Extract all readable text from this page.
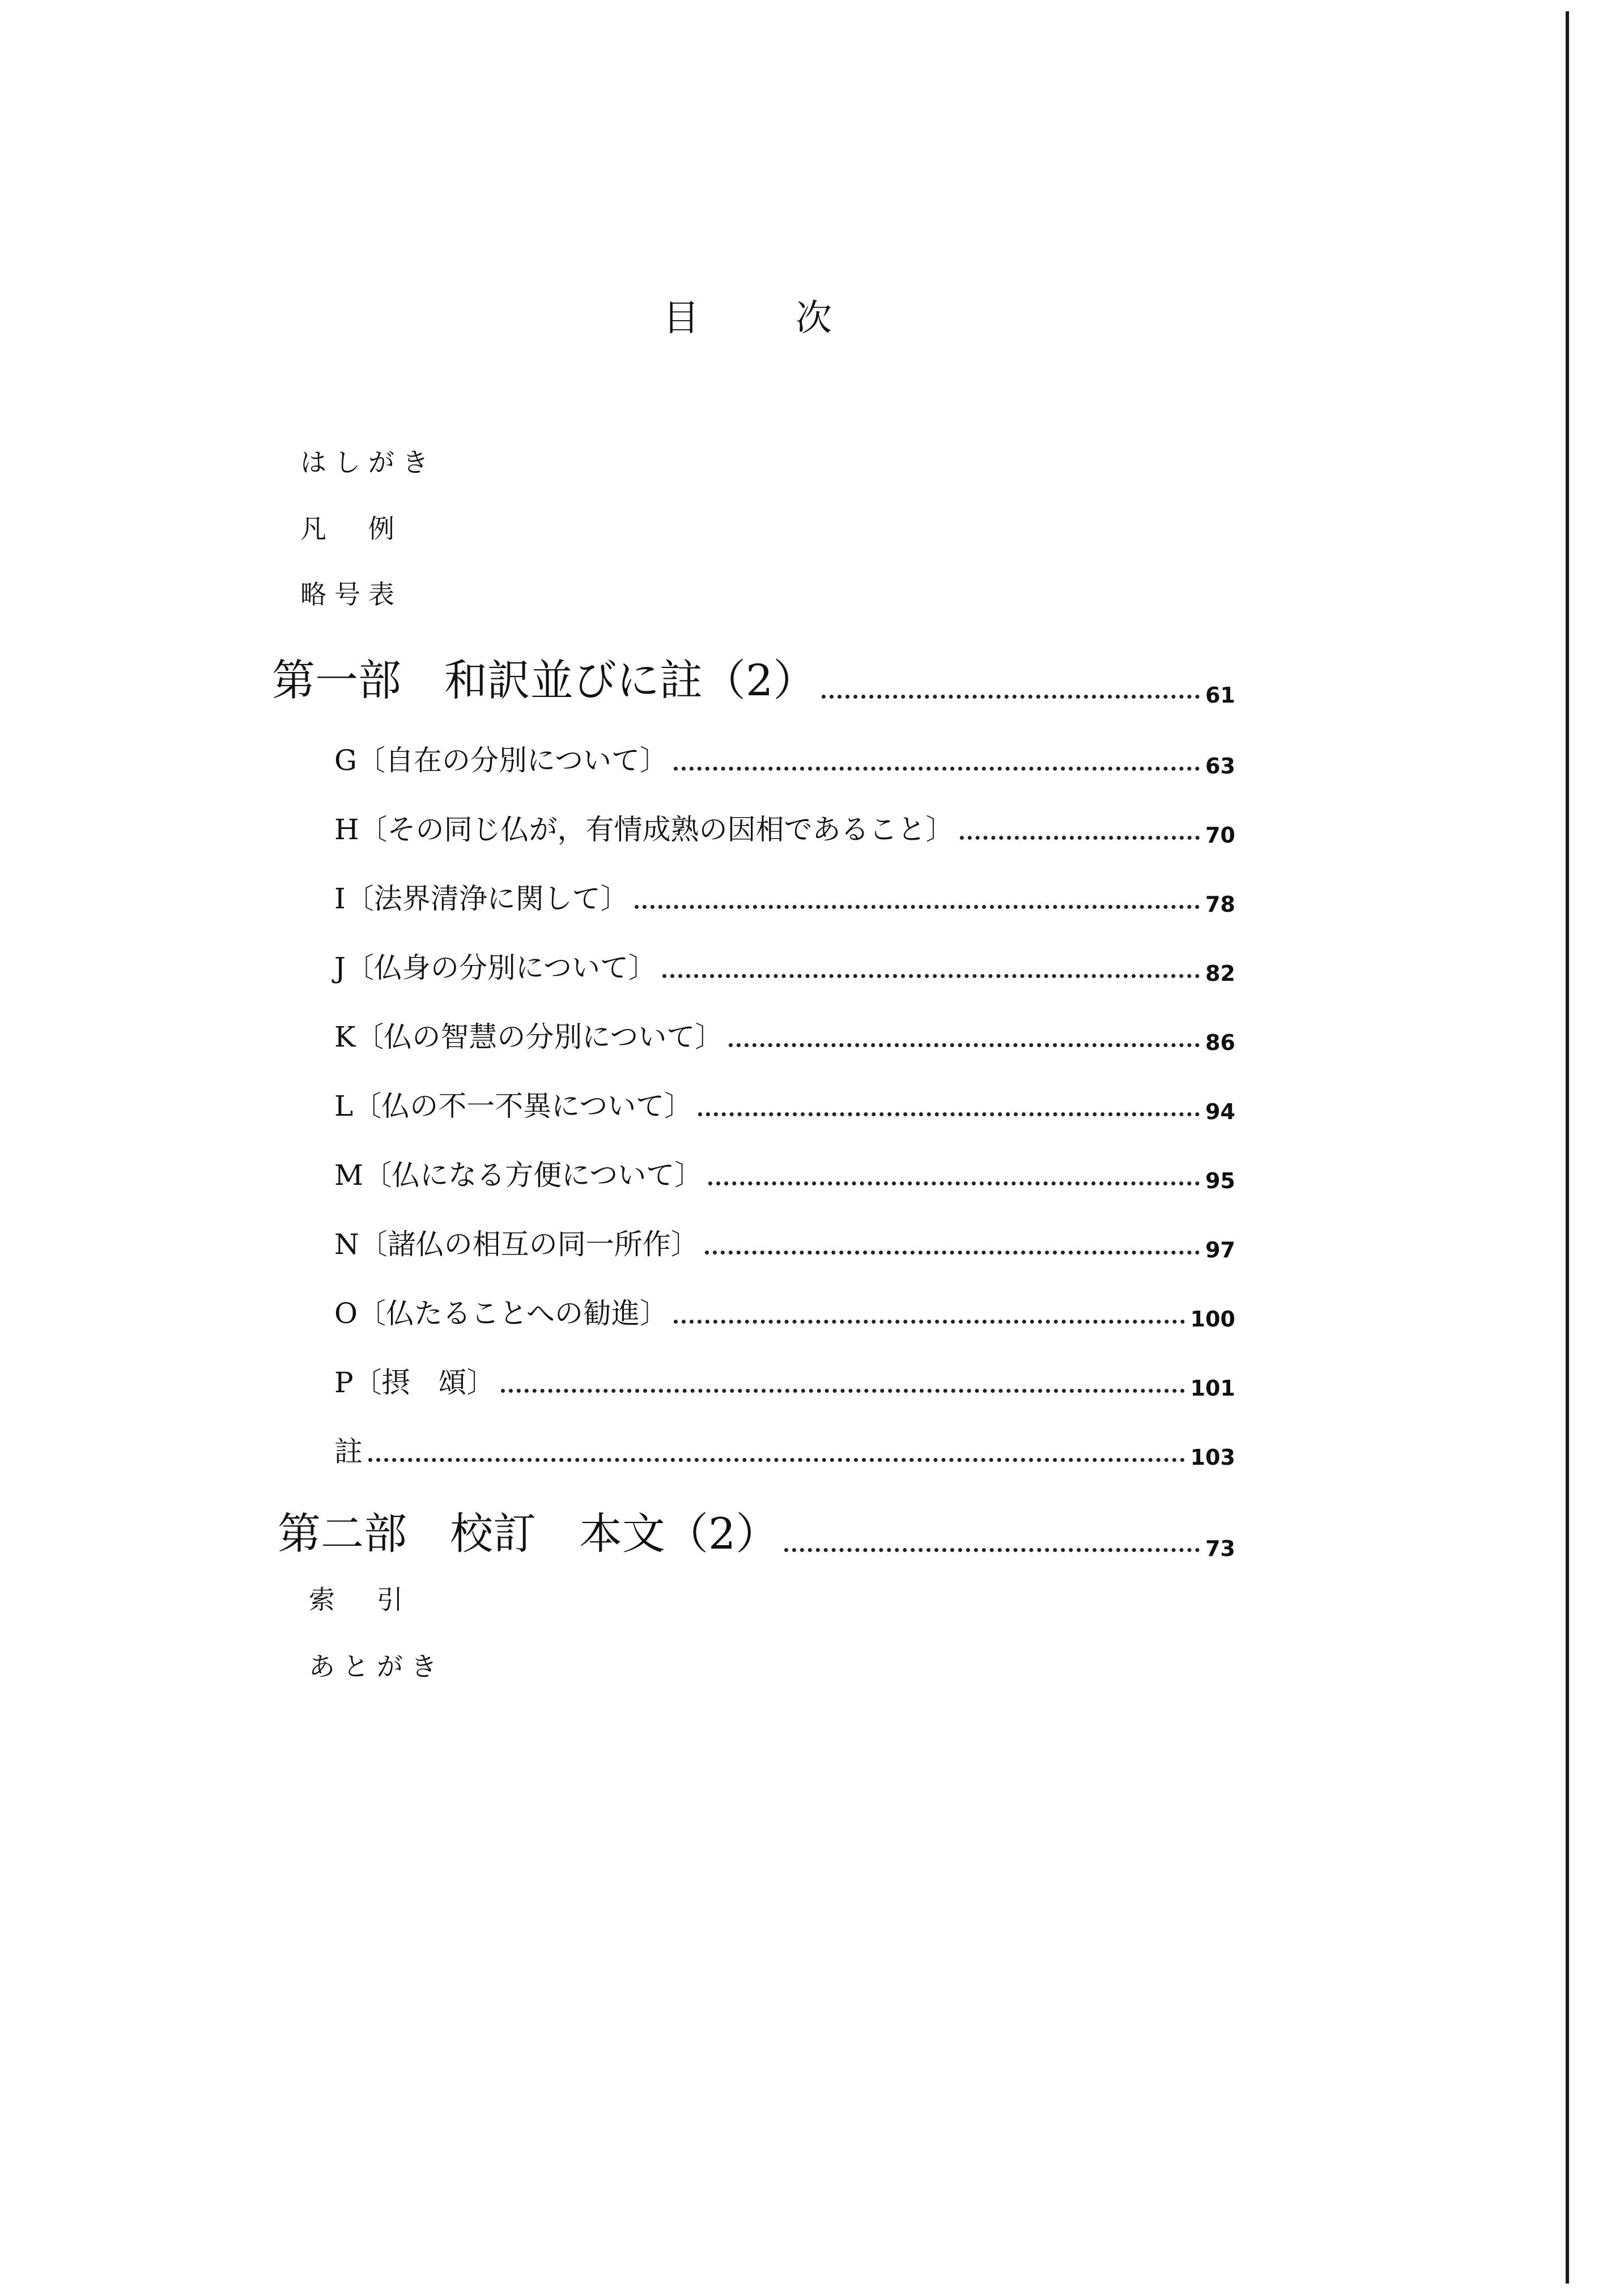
目	次
はしがき
凡　例
略号表
第一部　和訳並びに註（2）	61
G〔自在の分別について〕	63
H〔その同じ仏が，有情成熟の因相であること〕	70
I〔法界清浄に関して〕	78
J〔仏身の分別について〕	82
K〔仏の智慧の分別について〕	86
L〔仏の不一不異について〕	94
M〔仏になる方便について〕	95
N〔諸仏の相互の同一所作〕	97
O〔仏たることへの勧進〕	100
P〔摂　頌〕	101
註	103
第二部　校訂　本文（2）	73
索　引
あとがき
